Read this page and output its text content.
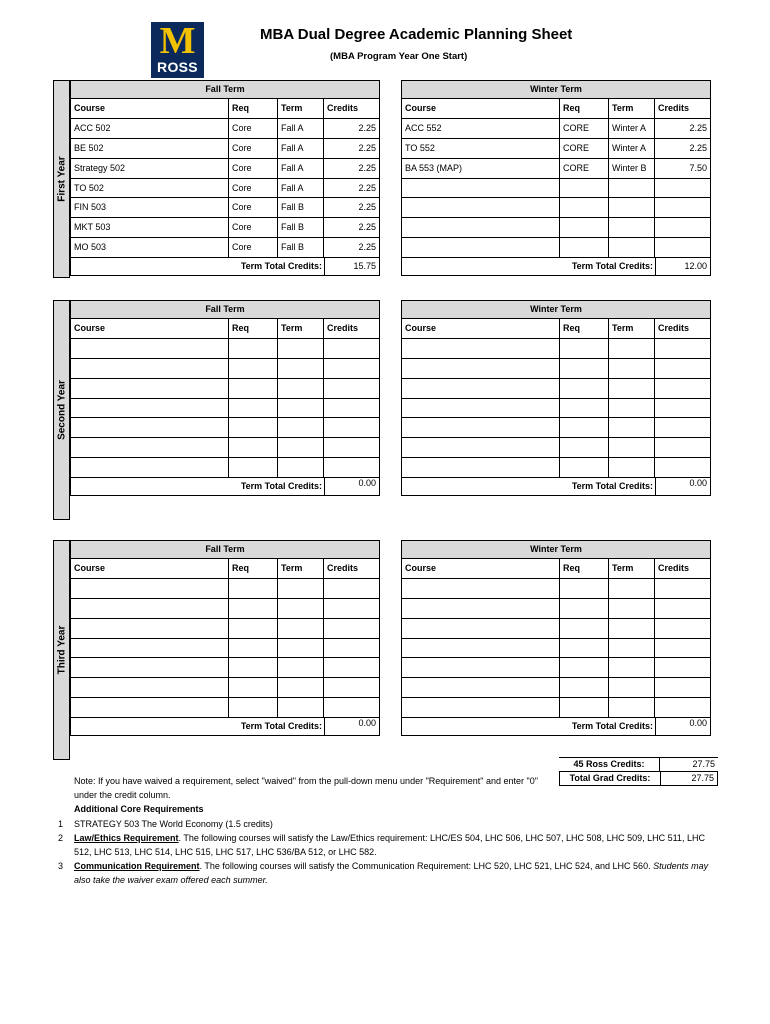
M
ROSS
MBA Dual Degree Academic Planning Sheet
(MBA Program Year One Start)
First Year
Fall Term
Course	Req	Term	Credits
ACC 502	Core	Fall A	2.25
BE 502	Core	Fall A	2.25
Strategy 502	Core	Fall A	2.25
TO 502	Core	Fall A	2.25
FIN 503	Core	Fall B	2.25
MKT 503	Core	Fall B	2.25
MO 503	Core	Fall B	2.25
Term Total Credits:	15.75
Winter Term
Course	Req	Term	Credits
ACC 552	CORE	Winter A	2.25
TO 552	CORE	Winter A	2.25
BA 553 (MAP)	CORE	Winter B	7.50
Term Total Credits:	12.00
Second Year
Fall Term
Course	Req	Term	Credits
Term Total Credits:	0.00
Winter Term
Course	Req	Term	Credits
Term Total Credits:	0.00
Third Year
Fall Term
Course	Req	Term	Credits
Term Total Credits:	0.00
Winter Term
Course	Req	Term	Credits
Term Total Credits:	0.00
45 Ross Credits:	27.75
Total Grad Credits:	27.75

Note: If you have waived a requirement, select "waived" from the pull-down menu under "Requirement" and enter "0" under the credit column.

Additional Core Requirements

1 STRATEGY 503 The World Economy (1.5 credits)
2 Law/Ethics Requirement. The following courses will satisfy the Law/Ethics requirement: LHC/ES 504, LHC 506, LHC 507, LHC 508, LHC 509, LHC 511, LHC 512, LHC 513, LHC 514, LHC 515, LHC 517, LHC 536/BA 512, or LHC 582.
3 Communication Requirement. The following courses will satisfy the Communication Requirement: LHC 520, LHC 521, LHC 524, and LHC 560. Students may also take the waiver exam offered each summer.
